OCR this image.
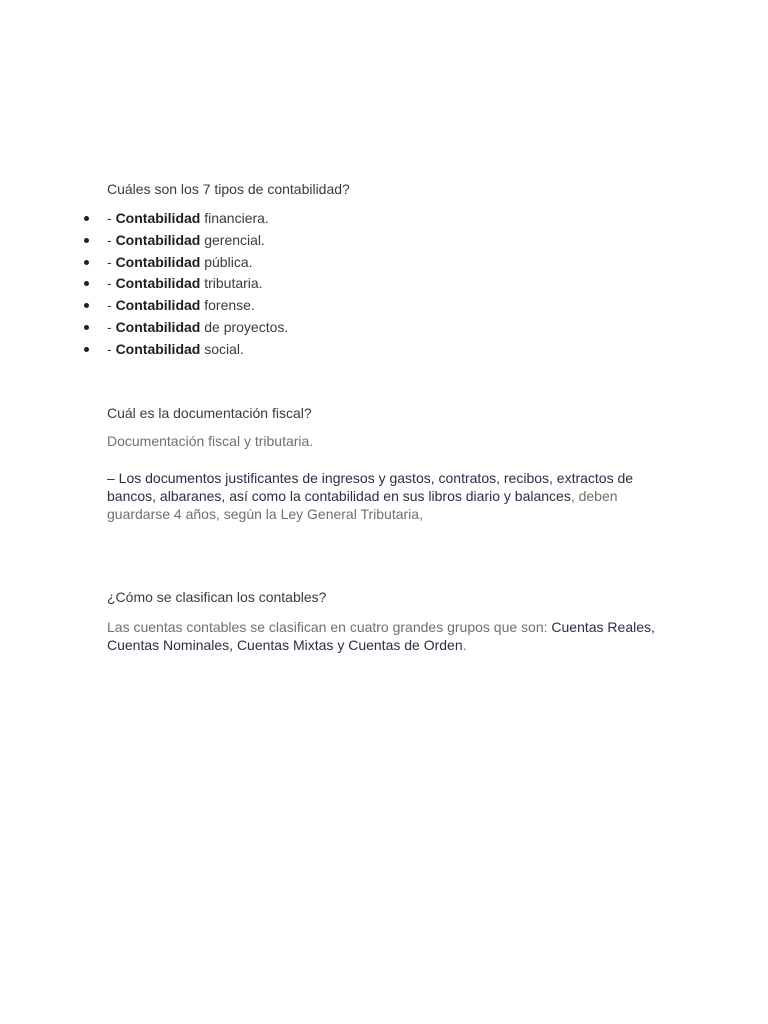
Cuáles son los 7 tipos de contabilidad?
- Contabilidad financiera.
- Contabilidad gerencial.
- Contabilidad pública.
- Contabilidad tributaria.
- Contabilidad forense.
- Contabilidad de proyectos.
- Contabilidad social.
Cuál es la documentación fiscal?

Documentación fiscal y tributaria.

– Los documentos justificantes de ingresos y gastos, contratos, recibos, extractos de bancos, albaranes, así como la contabilidad en sus libros diario y balances, deben guardarse 4 años, según la Ley General Tributaria,

¿Cómo se clasifican los contables?

Las cuentas contables se clasifican en cuatro grandes grupos que son: Cuentas Reales, Cuentas Nominales, Cuentas Mixtas y Cuentas de Orden.
